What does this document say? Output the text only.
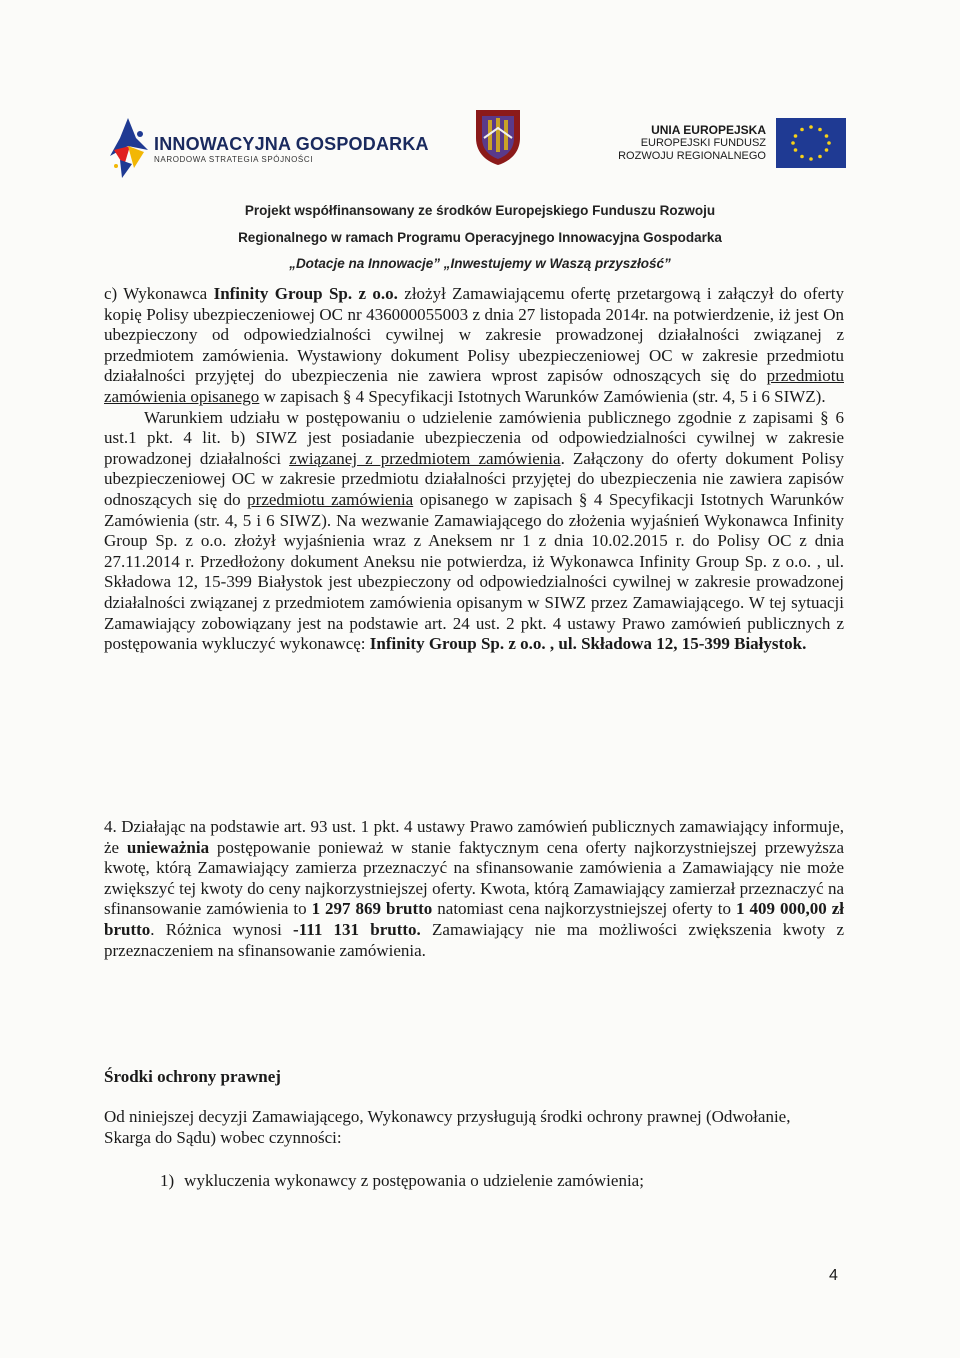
INNOWACYJNA GOSPODARKA
NARODOWA STRATEGIA SPÓJNOŚCI
UNIA EUROPEJSKA
EUROPEJSKI FUNDUSZ
ROZWOJU REGIONALNEGO
Projekt współfinansowany ze środków Europejskiego Funduszu Rozwoju
Regionalnego w ramach Programu Operacyjnego Innowacyjna Gospodarka
„Dotacje na Innowacje” „Inwestujemy w Waszą przyszłość”

c) Wykonawca Infinity Group Sp. z o.o. złożył Zamawiającemu ofertę przetargową i załączył do oferty kopię Polisy ubezpieczeniowej OC nr 436000055003 z dnia 27 listopada 2014r. na potwierdzenie, iż jest On ubezpieczony od odpowiedzialności cywilnej w zakresie prowadzonej działalności związanej z przedmiotem zamówienia. Wystawiony dokument Polisy ubezpieczeniowej OC w zakresie przedmiotu działalności przyjętej do ubezpieczenia nie zawiera wprost zapisów odnoszących się do przedmiotu zamówienia opisanego w zapisach § 4 Specyfikacji Istotnych Warunków Zamówienia (str. 4, 5 i 6 SIWZ).

Warunkiem udziału w postępowaniu o udzielenie zamówienia publicznego zgodnie z zapisami § 6 ust.1 pkt. 4 lit. b) SIWZ jest posiadanie ubezpieczenia od odpowiedzialności cywilnej w zakresie prowadzonej działalności związanej z przedmiotem zamówienia. Załączony do oferty dokument Polisy ubezpieczeniowej OC w zakresie przedmiotu działalności przyjętej do ubezpieczenia nie zawiera zapisów odnoszących się do przedmiotu zamówienia opisanego w zapisach § 4 Specyfikacji Istotnych Warunków Zamówienia (str. 4, 5 i 6 SIWZ). Na wezwanie Zamawiającego do złożenia wyjaśnień Wykonawca Infinity Group Sp. z o.o. złożył wyjaśnienia wraz z Aneksem nr 1 z dnia 10.02.2015 r. do Polisy OC z dnia 27.11.2014 r. Przedłożony dokument Aneksu nie potwierdza, iż Wykonawca Infinity Group Sp. z o.o. , ul. Składowa 12, 15-399 Białystok jest ubezpieczony od odpowiedzialności cywilnej w zakresie prowadzonej działalności związanej z przedmiotem zamówienia opisanym w SIWZ przez Zamawiającego. W tej sytuacji Zamawiający zobowiązany jest na podstawie art. 24 ust. 2 pkt. 4 ustawy Prawo zamówień publicznych z postępowania wykluczyć wykonawcę: Infinity Group Sp. z o.o. , ul. Składowa 12, 15-399 Białystok.

4. Działając na podstawie art. 93 ust. 1 pkt. 4 ustawy Prawo zamówień publicznych zamawiający informuje, że unieważnia postępowanie ponieważ w stanie faktycznym cena oferty najkorzystniejszej przewyższa kwotę, którą Zamawiający zamierza przeznaczyć na sfinansowanie zamówienia a Zamawiający nie może zwiększyć tej kwoty do ceny najkorzystniejszej oferty. Kwota, którą Zamawiający zamierzał przeznaczyć na sfinansowanie zamówienia to 1 297 869 brutto natomiast cena najkorzystniejszej oferty to 1 409 000,00 zł brutto. Różnica wynosi -111 131 brutto. Zamawiający nie ma możliwości zwiększenia kwoty z przeznaczeniem na sfinansowanie zamówienia.

Środki ochrony prawnej

Od niniejszej decyzji Zamawiającego, Wykonawcy przysługują środki ochrony prawnej (Odwołanie, Skarga do Sądu) wobec czynności:

1) wykluczenia wykonawcy z postępowania o udzielenie zamówienia;
4
